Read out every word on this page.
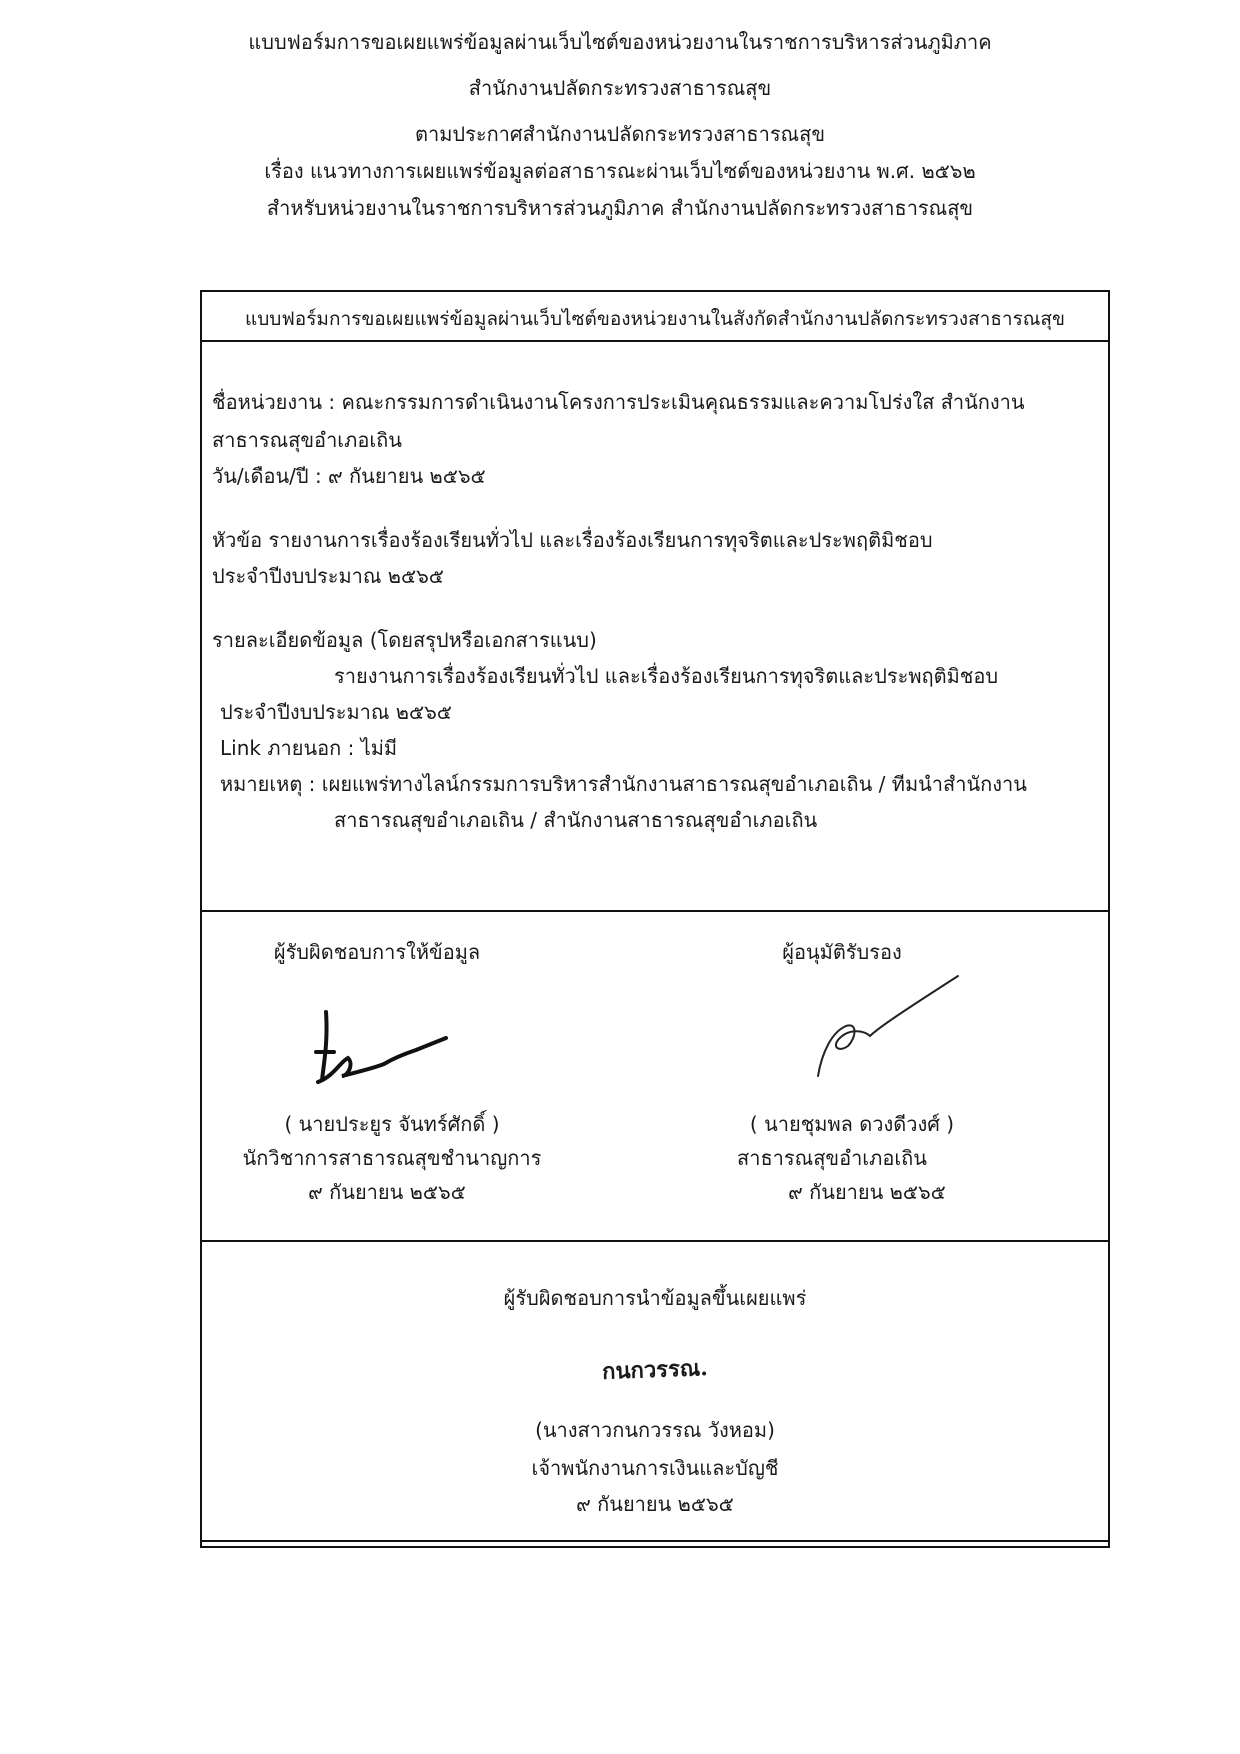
แบบฟอร์มการขอเผยแพร่ข้อมูลผ่านเว็บไซต์ของหน่วยงานในราชการบริหารส่วนภูมิภาค
สำนักงานปลัดกระทรวงสาธารณสุข
ตามประกาศสำนักงานปลัดกระทรวงสาธารณสุข
เรื่อง แนวทางการเผยแพร่ข้อมูลต่อสาธารณะผ่านเว็บไซต์ของหน่วยงาน พ.ศ. ๒๕๖๒
สำหรับหน่วยงานในราชการบริหารส่วนภูมิภาค สำนักงานปลัดกระทรวงสาธารณสุข
แบบฟอร์มการขอเผยแพร่ข้อมูลผ่านเว็บไซต์ของหน่วยงานในสังกัดสำนักงานปลัดกระทรวงสาธารณสุข
ชื่อหน่วยงาน : คณะกรรมการดำเนินงานโครงการประเมินคุณธรรมและความโปร่งใส สำนักงาน
สาธารณสุขอำเภอเถิน
วัน/เดือน/ปี : ๙ กันยายน ๒๕๖๕
หัวข้อ รายงานการเรื่องร้องเรียนทั่วไป และเรื่องร้องเรียนการทุจริตและประพฤติมิชอบ
ประจำปีงบประมาณ ๒๕๖๕
รายละเอียดข้อมูล (โดยสรุปหรือเอกสารแนบ)
รายงานการเรื่องร้องเรียนทั่วไป และเรื่องร้องเรียนการทุจริตและประพฤติมิชอบ
ประจำปีงบประมาณ ๒๕๖๕
Link ภายนอก : ไม่มี
หมายเหตุ : เผยแพร่ทางไลน์กรรมการบริหารสำนักงานสาธารณสุขอำเภอเถิน / ทีมนำสำนักงาน
สาธารณสุขอำเภอเถิน / สำนักงานสาธารณสุขอำเภอเถิน
ผู้รับผิดชอบการให้ข้อมูล
( นายประยูร จันทร์ศักดิ์ )
นักวิชาการสาธารณสุขชำนาญการ
๙ กันยายน ๒๕๖๕
ผู้อนุมัติรับรอง
( นายชุมพล ดวงดีวงศ์ )
สาธารณสุขอำเภอเถิน
๙ กันยายน ๒๕๖๕
ผู้รับผิดชอบการนำข้อมูลขึ้นเผยแพร่
กนกวรรณ.
(นางสาวกนกวรรณ วังหอม)
เจ้าพนักงานการเงินและบัญชี
๙ กันยายน ๒๕๖๕
